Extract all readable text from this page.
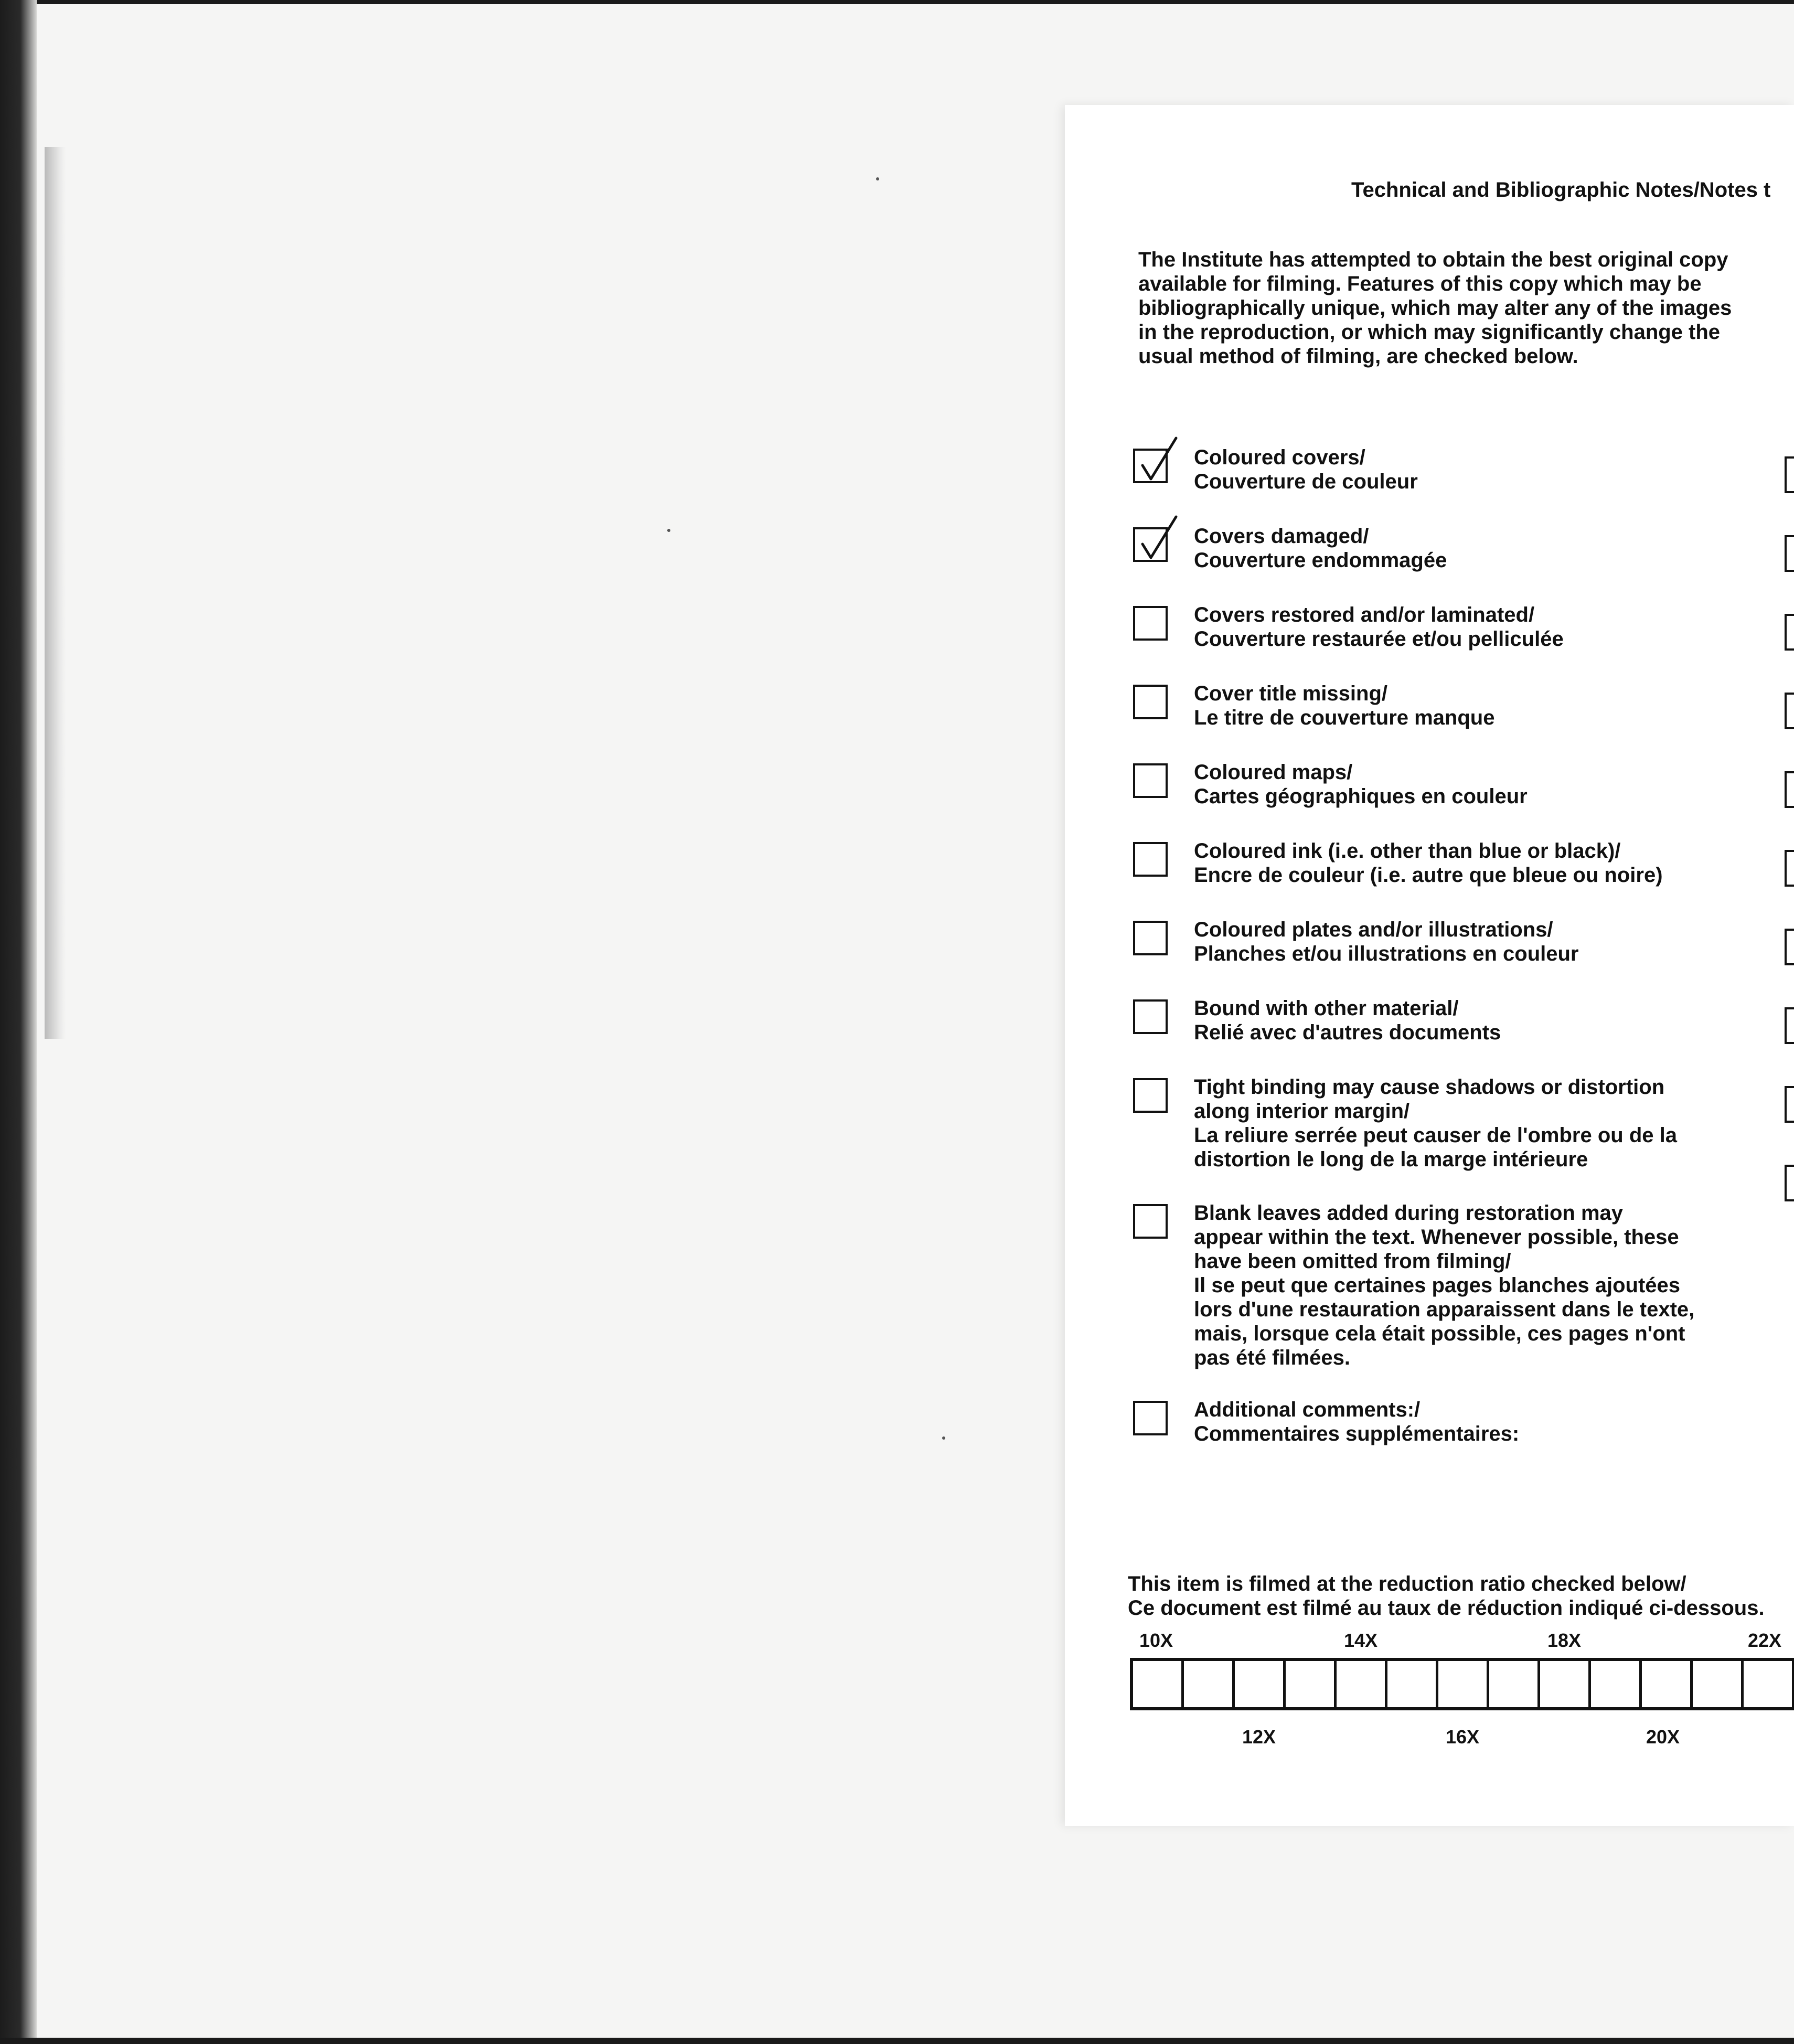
Technical and Bibliographic Notes/Notes t
The Institute has attempted to obtain the best original copy available for filming. Features of this copy which may be bibliographically unique, which may alter any of the images in the reproduction, or which may significantly change the usual method of filming, are checked below.
Coloured covers/
Couverture de couleur
Covers damaged/
Couverture endommagée
Covers restored and/or laminated/
Couverture restaurée et/ou pelliculée
Cover title missing/
Le titre de couverture manque
Coloured maps/
Cartes géographiques en couleur
Coloured ink (i.e. other than blue or black)/
Encre de couleur (i.e. autre que bleue ou noire)
Coloured plates and/or illustrations/
Planches et/ou illustrations en couleur
Bound with other material/
Relié avec d'autres documents
Tight binding may cause shadows or distortion
along interior margin/
La reliure serrée peut causer de l'ombre ou de la
distortion le long de la marge intérieure
Blank leaves added during restoration may
appear within the text. Whenever possible, these
have been omitted from filming/
Il se peut que certaines pages blanches ajoutées
lors d'une restauration apparaissent dans le texte,
mais, lorsque cela était possible, ces pages n'ont
pas été filmées.
Additional comments:/
Commentaires supplémentaires:
This item is filmed at the reduction ratio checked below/
Ce document est filmé au taux de réduction indiqué ci-dessous.
10X	14X	18X	22X
12X	16X	20X
